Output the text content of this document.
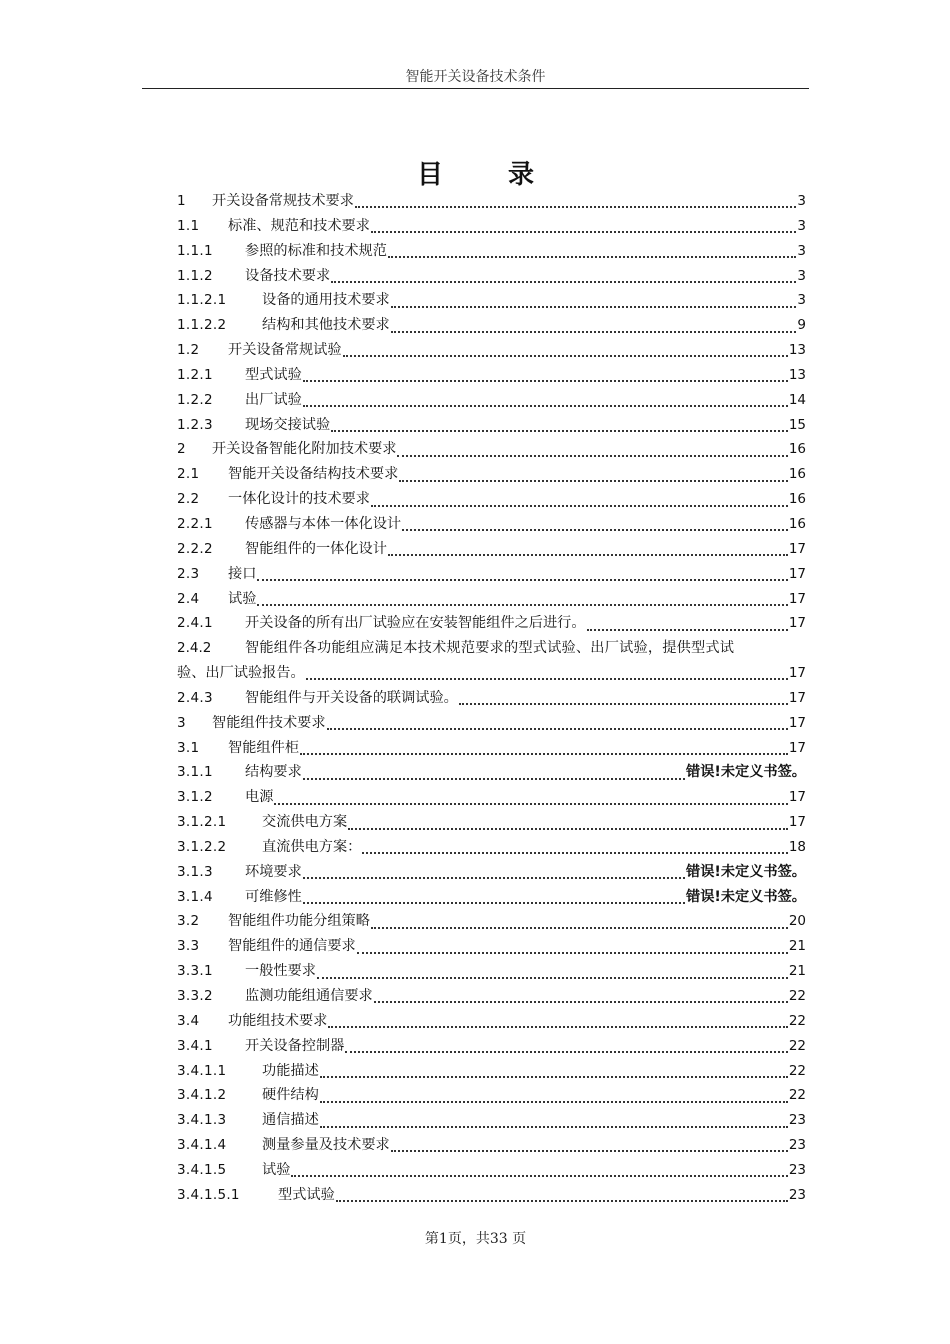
智能开关设备技术条件
目 录
1	开关设备常规技术要求	3
1.1	标准、规范和技术要求	3
1.1.1	参照的标准和技术规范	3
1.1.2	设备技术要求	3
1.1.2.1	设备的通用技术要求	3
1.1.2.2	结构和其他技术要求	9
1.2	开关设备常规试验	13
1.2.1	型式试验	13
1.2.2	出厂试验	14
1.2.3	现场交接试验	15
2	开关设备智能化附加技术要求	16
2.1	智能开关设备结构技术要求	16
2.2	一体化设计的技术要求	16
2.2.1	传感器与本体一体化设计	16
2.2.2	智能组件的一体化设计	17
2.3	接口	17
2.4	试验	17
2.4.1	开关设备的所有出厂试验应在安装智能组件之后进行。	17
2.4.2	智能组件各功能组应满足本技术规范要求的型式试验、出厂试验，提供型式试
验、出厂试验报告。	17
2.4.3	智能组件与开关设备的联调试验。	17
3	智能组件技术要求	17
3.1	智能组件柜	17
3.1.1	结构要求	错误!未定义书签。
3.1.2	电源	17
3.1.2.1	交流供电方案	17
3.1.2.2	直流供电方案：	18
3.1.3	环境要求	错误!未定义书签。
3.1.4	可维修性	错误!未定义书签。
3.2	智能组件功能分组策略	20
3.3	智能组件的通信要求	21
3.3.1	一般性要求	21
3.3.2	监测功能组通信要求	22
3.4	功能组技术要求	22
3.4.1	开关设备控制器	22
3.4.1.1	功能描述	22
3.4.1.2	硬件结构	22
3.4.1.3	通信描述	23
3.4.1.4	测量参量及技术要求	23
3.4.1.5	试验	23
3.4.1.5.1	型式试验	23
第1页，共33 页
